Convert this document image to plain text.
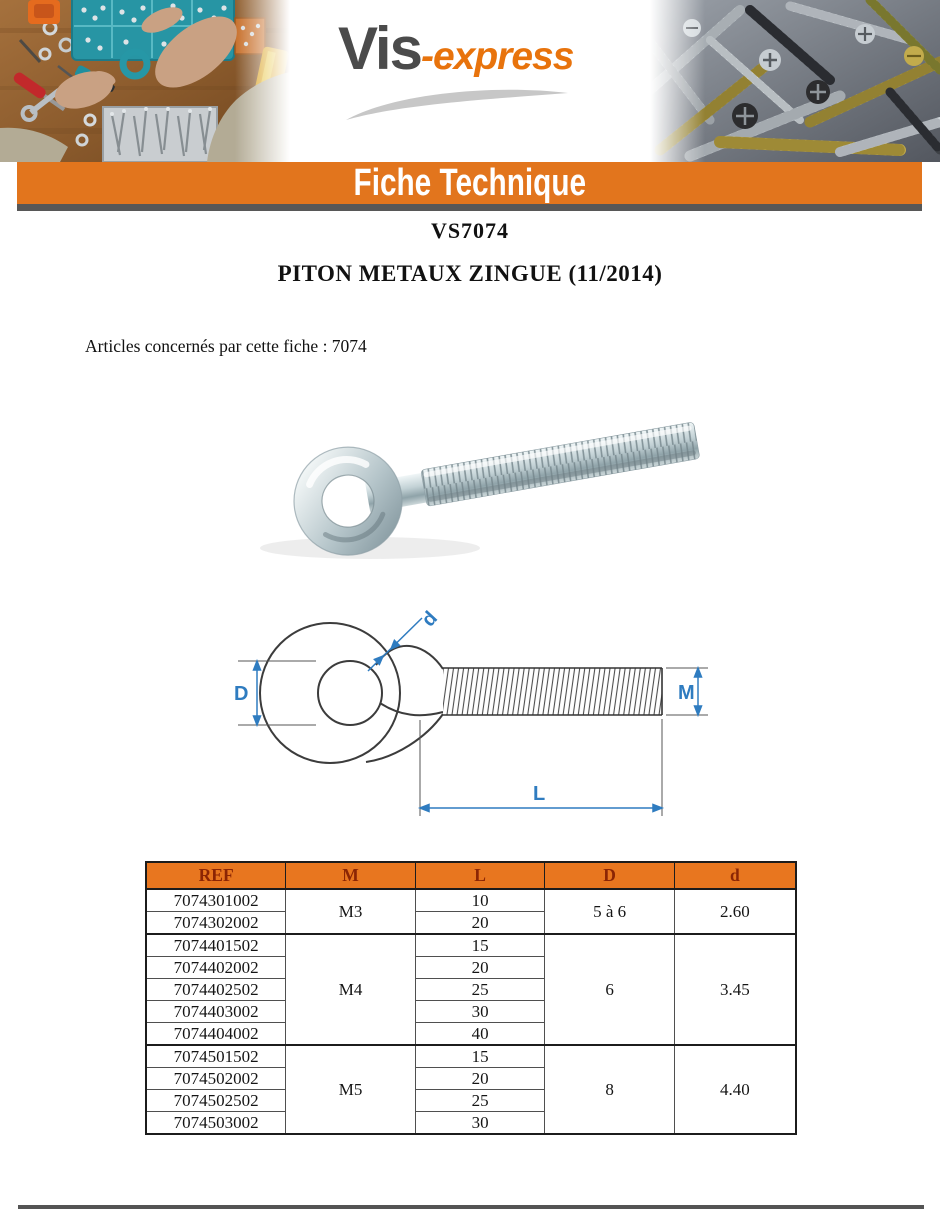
Vis-express
Fiche Technique
VS7074
PITON METAUX ZINGUE (11/2014)
Articles concernés par cette fiche : 7074
D	M
L
d
REF	M	L	D	d
7074301002	M3	10	5 à 6	2.60
7074302002		20		
7074401502	M4	15	6	3.45
7074402002		20		
7074402502		25		
7074403002		30		
7074404002		40		
7074501502	M5	15	8	4.40
7074502002		20		
7074502502		25		
7074503002		30		
